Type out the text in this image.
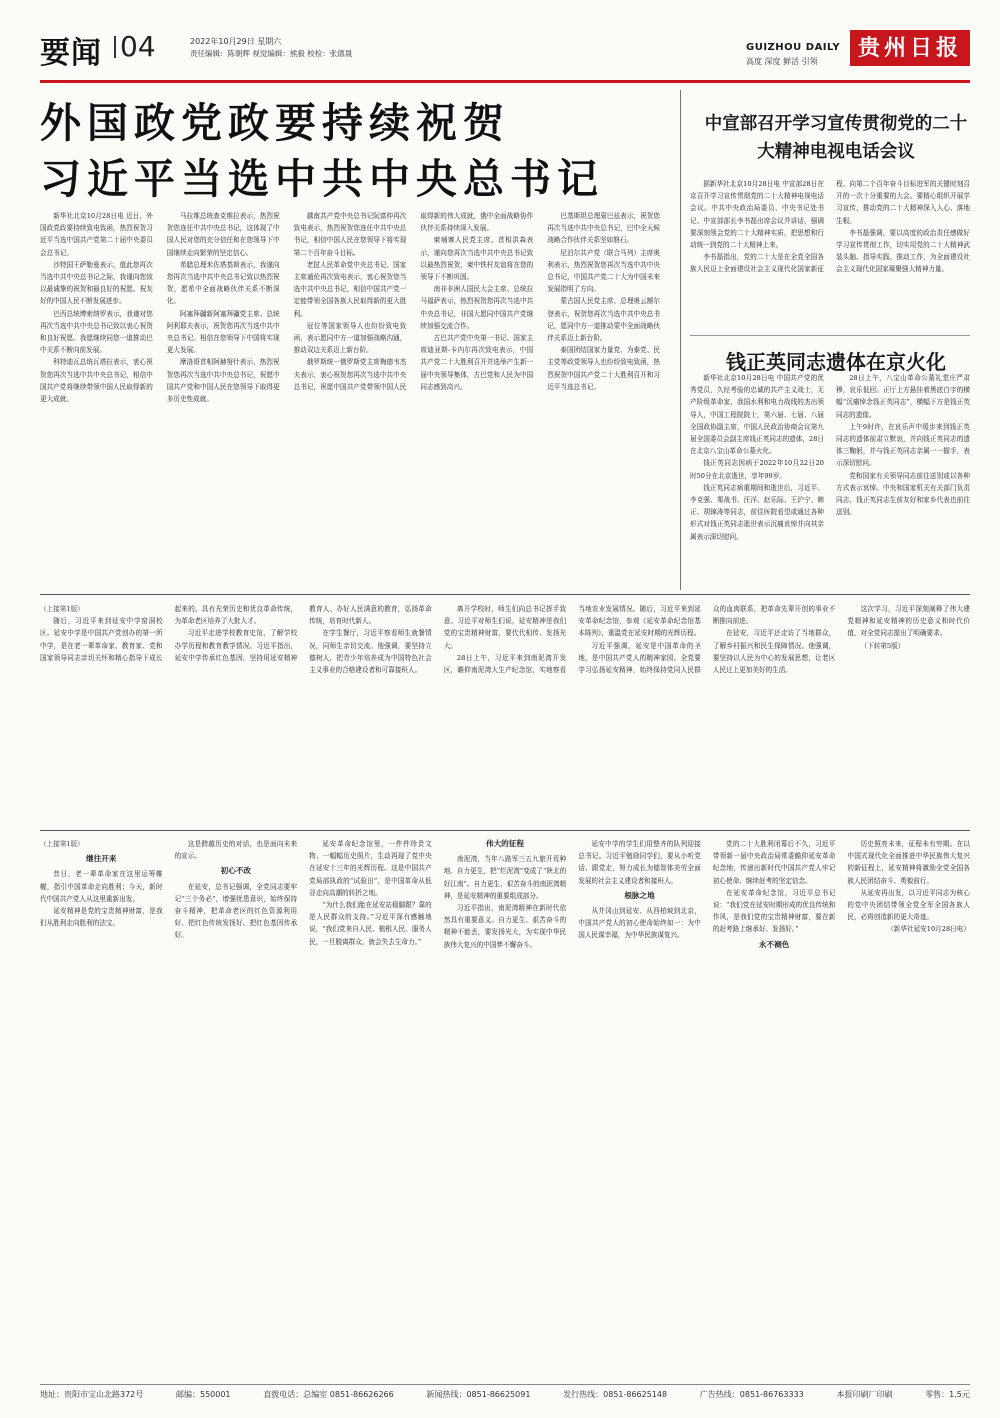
要闻 04	2022年10月29日 星期六
责任编辑：陈朝辉 视觉编辑：熊毅 校检：张德晟
GUIZHOU DAILY
高度 深度 鲜活 引领
贵州日报
外国政党政要持续祝贺
习近平当选中共中央总书记
中宣部召开学习宣传贯彻党的二十大精神电视电话会议
钱正英同志遗体在京火化

新华社北京10月28日电 近日，外国政党政要持续致电致函，热烈祝贺习近平当选中国共产党第二十届中央委员会总书记。

沙特国王萨勒曼表示，值此您再次当选中共中央总书记之际，我谨向您致以最诚挚的祝贺和最良好的祝愿。祝友好的中国人民不断发展进步。

巴西总统博索纳罗表示，我谨对您再次当选中共中央总书记致以衷心祝贺和良好祝愿。我愿继续同您一道推动巴中关系不断向前发展。

科特迪瓦总统瓦塔拉表示，衷心祝贺您再次当选中共中央总书记，相信中国共产党将继续带领中国人民取得新的更大成就。

马拉维总统查克维拉表示，热烈祝贺您连任中共中央总书记，这体现了中国人民对您的充分信任和在您领导下中国继续走向繁荣的坚定信心。

希腊总理米佐塔基斯表示，我谨向您再次当选中共中央总书记致以热烈祝贺，愿希中全面战略伙伴关系不断深化。

阿塞拜疆新阿塞拜疆党主席、总统阿利耶夫表示，祝贺您再次当选中共中央总书记。相信在您领导下中国将实现更大发展。

摩洛哥首相阿赫努什表示，热烈祝贺您再次当选中共中央总书记，祝愿中国共产党和中国人民在您领导下取得更多历史性成就。

越南共产党中央总书记阮富仲再次致电表示，热烈祝贺您连任中共中央总书记，相信中国人民在您领导下将实现第二个百年奋斗目标。

老挝人民革命党中央总书记、国家主席通伦再次致电表示，衷心祝贺您当选中共中央总书记，相信中国共产党一定能带领全国各族人民取得新的更大胜利。

冠位等国家领导人也纷纷致电致函，表示愿同中方一道加强战略沟通，推动双边关系迈上新台阶。

俄罗斯统一俄罗斯党主席梅德韦杰夫表示，衷心祝贺您再次当选中共中央总书记，祝愿中国共产党带领中国人民取得新的伟大成就，俄中全面战略协作伙伴关系持续深入发展。

柬埔寨人民党主席、首相洪森表示，谨向您再次当选中共中央总书记致以最热烈祝贺，柬中铁杆友谊将在您的领导下不断巩固。

南非非洲人国民大会主席、总统拉马福萨表示，热烈祝贺您再次当选中共中央总书记，非国大愿同中国共产党继续加强交流合作。

古巴共产党中央第一书记、国家主席迪亚斯-卡内尔再次致电表示，中国共产党二十大胜利召开并选举产生新一届中央领导集体，古巴党和人民为中国同志感到高兴。

巴基斯坦总理夏巴兹表示，祝贺您再次当选中共中央总书记，巴中全天候战略合作伙伴关系坚如磐石。

尼泊尔共产党（联合马列）主席奥利表示，热烈祝贺您再次当选中共中央总书记，中国共产党二十大为中国未来发展指明了方向。

蒙古国人民党主席、总理奥云额尔登表示，祝贺您再次当选中共中央总书记，愿同中方一道推动蒙中全面战略伙伴关系迈上新台阶。

泰国团结国家力量党、为泰党、民主党等政党领导人也纷纷致电致函，热烈祝贺中国共产党二十大胜利召开和习近平当选总书记。

据新华社北京10月28日电 中宣部28日在京召开学习宣传贯彻党的二十大精神电视电话会议。中共中央政治局委员、中央书记处书记、中宣部部长李书磊出席会议并讲话，强调要深刻领会党的二十大精神实质，把思想和行动统一到党的二十大精神上来。

李书磊指出，党的二十大是在全党全国各族人民迈上全面建设社会主义现代化国家新征程、向第二个百年奋斗目标进军的关键时刻召开的一次十分重要的大会。要精心组织开展学习宣传，推动党的二十大精神深入人心、落地生根。

李书磊强调，要以高度的政治责任感做好学习宣传贯彻工作，切实用党的二十大精神武装头脑、指导实践、推动工作，为全面建设社会主义现代化国家凝聚强大精神力量。

新华社北京10月28日电 中国共产党的优秀党员，久经考验的忠诚的共产主义战士，无产阶级革命家，我国水利和电力战线的杰出领导人，中国工程院院士，第六届、七届、八届全国政协副主席，中国人民政治协商会议第九届全国委员会副主席钱正英同志的遗体，28日在北京八宝山革命公墓火化。

钱正英同志因病于2022年10月22日20时50分在北京逝世，享年99岁。

钱正英同志病重期间和逝世后，习近平、李克强、栗战书、汪洋、赵乐际、王沪宁、韩正、胡锦涛等同志，前往医院看望或通过各种形式对钱正英同志逝世表示沉痛哀悼并向其亲属表示深切慰问。

28日上午，八宝山革命公墓礼堂庄严肃穆，哀乐低回。正厅上方悬挂着黑底白字的横幅“沉痛悼念钱正英同志”，横幅下方是钱正英同志的遗像。

上午9时许，在哀乐声中缓步来到钱正英同志的遗体前肃立默哀，并向钱正英同志的遗体三鞠躬，并与钱正英同志亲属一一握手，表示深切慰问。

党和国家有关领导同志前往送别或以各种方式表示哀悼。中央和国家机关有关部门负责同志，钱正英同志生前友好和家乡代表也前往送别。

（上接第1版）

随后，习近平来到延安中学窑洞校区。延安中学是中国共产党创办的第一所中学，是在老一辈革命家、教育家、党和国家领导同志亲切关怀和精心指导下成长起来的。具有光荣历史和优良革命传统，为革命老区培养了大批人才。

习近平走进学校教育史馆，了解学校办学历程和教育教学情况。习近平指出，延安中学传承红色基因，坚持用延安精神教育人、办好人民满意的教育，弘扬革命传统，培育时代新人。

在学生餐厅，习近平察看师生就餐情况，同师生亲切交流。他强调，要坚持立德树人，把青少年培养成为中国特色社会主义事业的合格建设者和可靠接班人。

离开学校时，师生们向总书记挥手致意。习近平对师生们说，延安精神是我们党的宝贵精神财富，要代代相传、发扬光大。

28日上午，习近平来到南泥湾开发区，瞻仰南泥湾大生产纪念馆，实地察看当地农业发展情况。随后，习近平来到延安革命纪念馆，参观《延安革命纪念馆基本陈列》，重温党在延安时期的光辉历程。

习近平强调，延安是中国革命的圣地，是中国共产党人的精神家园。全党要学习弘扬延安精神，始终保持党同人民群众的血肉联系，把革命先辈开创的事业不断推向前进。

在延安，习近平还走访了当地群众，了解乡村振兴和民生保障情况。他强调，要坚持以人民为中心的发展思想，让老区人民过上更加美好的生活。

这次学习，习近平深刻阐释了伟大建党精神和延安精神的历史意义和时代价值，对全党同志提出了明确要求。

（下转第5版）

（上接第1版）

继往开来

昔日，老一辈革命家在这里运筹帷幄，指引中国革命走向胜利；今天，新时代中国共产党人从这里重新出发。

延安精神是党的宝贵精神财富，是我们从胜利走向胜利的法宝。

这是跨越历史的对话，也是面向未来的宣示。

初心不改

在延安，总书记强调，全党同志要牢记“三个务必”，增强忧患意识，始终保持奋斗精神，把革命老区的红色资源利用好、把红色传统发扬好、把红色基因传承好。

延安革命纪念馆里，一件件珍贵文物、一幅幅历史照片，生动再现了党中央在延安十三年的光辉历程。这是中国共产党局部执政的“试验田”，是中国革命从低谷走向高潮的转折之地。

“为什么我们能在延安站稳脚跟？靠的是人民群众的支持。”习近平深有感触地说，“我们党来自人民、植根人民、服务人民，一旦脱离群众，就会失去生命力。”

伟大的征程

南泥湾，当年八路军三五九旅开荒种地、自力更生，把“烂泥湾”变成了“陕北的好江南”。自力更生、艰苦奋斗的南泥湾精神，是延安精神的重要组成部分。

习近平指出，南泥湾精神在新时代依然具有重要意义。自力更生、艰苦奋斗的精神不能丢，要发扬光大，为实现中华民族伟大复兴的中国梦不懈奋斗。

延安中学的学生们用整齐的队列迎接总书记。习近平勉励同学们，要从小听党话、跟党走，努力成长为德智体美劳全面发展的社会主义建设者和接班人。

根脉之地

从井冈山到延安、从西柏坡到北京，中国共产党人的初心使命始终如一：为中国人民谋幸福，为中华民族谋复兴。

党的二十大胜利闭幕后不久，习近平带领新一届中央政治局常委瞻仰延安革命纪念地，传递出新时代中国共产党人牢记初心使命、继续赶考的坚定信念。

在延安革命纪念馆，习近平总书记说：“我们党在延安时期形成的优良传统和作风，是我们党的宝贵精神财富，要在新的赶考路上继承好、发扬好。”

永不褪色

历史照亮未来，征程未有穷期。在以中国式现代化全面推进中华民族伟大复兴的新征程上，延安精神将激励全党全国各族人民团结奋斗、勇毅前行。

从延安再出发，以习近平同志为核心的党中央团结带领全党全军全国各族人民，必将创造新的更大奇迹。

（新华社延安10月28日电）

地址：贵阳市宝山北路372号	邮编：550001	直拨电话：总编室 0851-86626266	新闻热线：0851-86625091	发行热线：0851-86625148	广告热线：0851-86763333	本报印刷厂印刷	零售：1.5元
